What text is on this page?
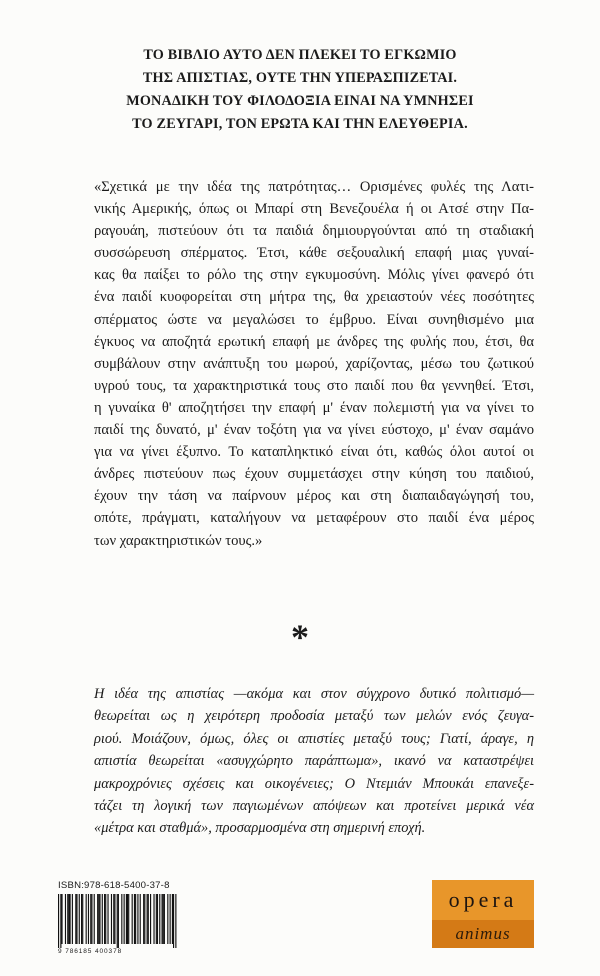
ΤΟ ΒΙΒΛΙΟ ΑΥΤΟ ΔΕΝ ΠΛΕΚΕΙ ΤΟ ΕΓΚΩΜΙΟ
ΤΗΣ ΑΠΙΣΤΙΑΣ, ΟΥΤΕ ΤΗΝ ΥΠΕΡΑΣΠΙΖΕΤΑΙ.
ΜΟΝΑΔΙΚΗ ΤΟΥ ΦΙΛΟΔΟΞΙΑ ΕΙΝΑΙ ΝΑ ΥΜΝΗΣΕΙ
ΤΟ ΖΕΥΓΑΡΙ, ΤΟΝ ΕΡΩΤΑ ΚΑΙ ΤΗΝ ΕΛΕΥΘΕΡΙΑ.
«Σχετικά με την ιδέα της πατρότητας… Ορισμένες φυλές της Λατι-
νικής Αμερικής, όπως οι Μπαρί στη Βενεζουέλα ή οι Ατσέ στην Πα-
ραγουάη, πιστεύουν ότι τα παιδιά δημιουργούνται από τη σταδιακή
συσσώρευση σπέρματος. Έτσι, κάθε σεξουαλική επαφή μιας γυναί-
κας θα παίξει το ρόλο της στην εγκυμοσύνη. Μόλις γίνει φανερό ότι
ένα παιδί κυοφορείται στη μήτρα της, θα χρειαστούν νέες ποσότητες
σπέρματος ώστε να μεγαλώσει το έμβρυο. Είναι συνηθισμένο μια
έγκυος να αποζητά ερωτική επαφή με άνδρες της φυλής που, έτσι, θα
συμβάλουν στην ανάπτυξη του μωρού, χαρίζοντας, μέσω του ζωτικού
υγρού τους, τα χαρακτηριστικά τους στο παιδί που θα γεννηθεί. Έτσι,
η γυναίκα θ' αποζητήσει την επαφή μ' έναν πολεμιστή για να γίνει το
παιδί της δυνατό, μ' έναν τοξότη για να γίνει εύστοχο, μ' έναν σαμάνο
για να γίνει έξυπνο. Το καταπληκτικό είναι ότι, καθώς όλοι αυτοί οι
άνδρες πιστεύουν πως έχουν συμμετάσχει στην κύηση του παιδιού,
έχουν την τάση να παίρνουν μέρος και στη διαπαιδαγώγησή του,
οπότε, πράγματι, καταλήγουν να μεταφέρουν στο παιδί ένα μέρος
των χαρακτηριστικών τους.»
*
Η ιδέα της απιστίας —ακόμα και στον σύγχρονο δυτικό πολιτισμό—
θεωρείται ως η χειρότερη προδοσία μεταξύ των μελών ενός ζευγα-
ριού. Μοιάζουν, όμως, όλες οι απιστίες μεταξύ τους; Γιατί, άραγε, η
απιστία θεωρείται «ασυγχώρητο παράπτωμα», ικανό να καταστρέψει
μακροχρόνιες σχέσεις και οικογένειες; Ο Ντεμιάν Μπουκάι επανεξε-
τάζει τη λογική των παγιωμένων απόψεων και προτείνει μερικά νέα
«μέτρα και σταθμά», προσαρμοσμένα στη σημερινή εποχή.
ISBN:978-618-5400-37-8
9 786185 400378
opera
animus
